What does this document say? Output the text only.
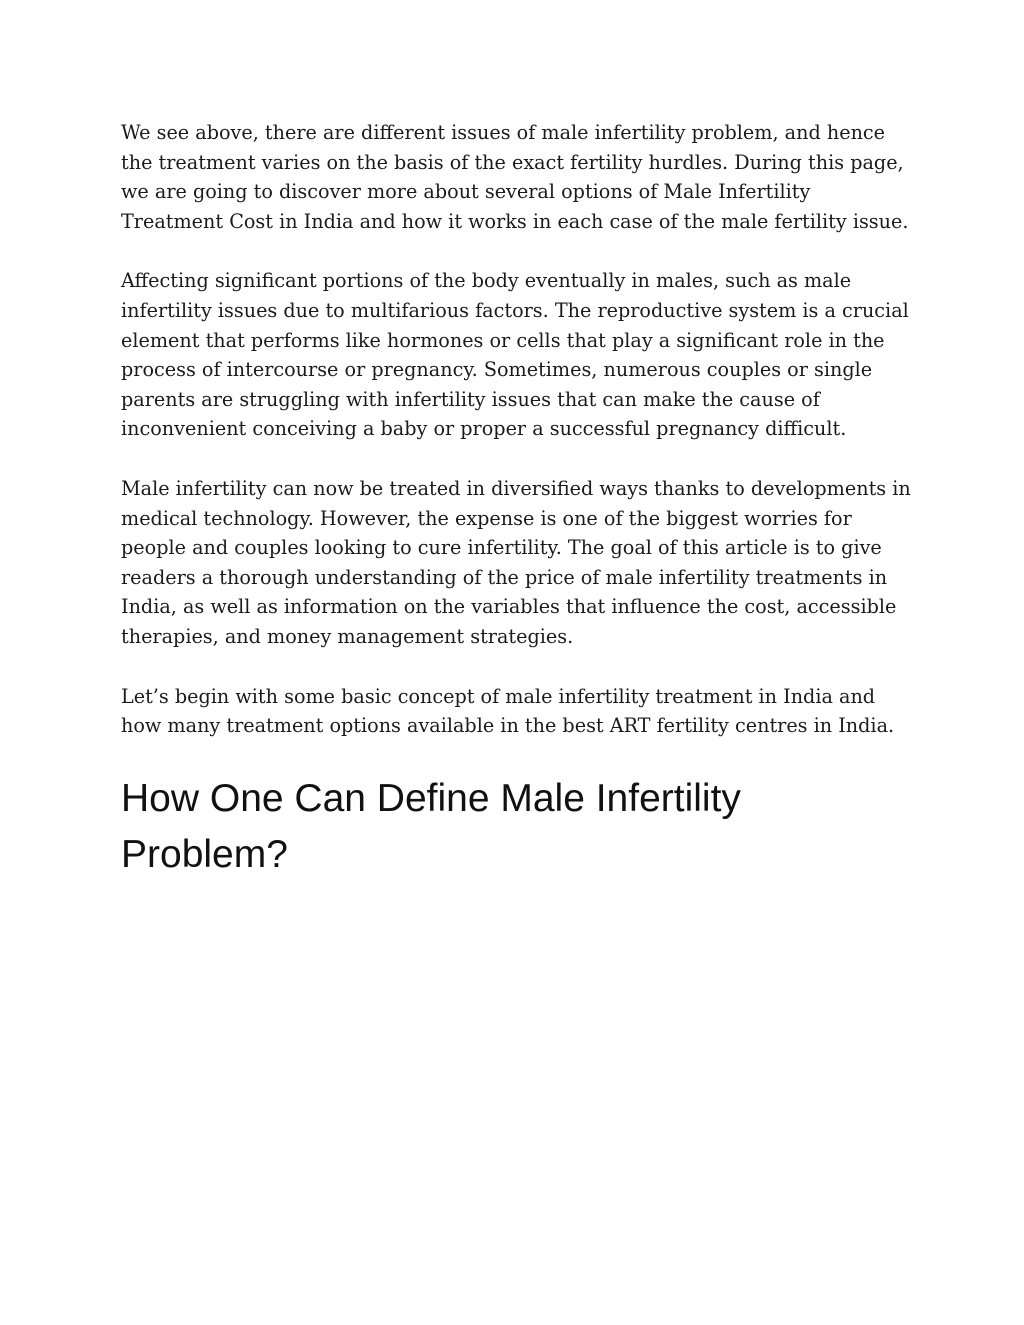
We see above, there are different issues of male infertility problem, and hence the treatment varies on the basis of the exact fertility hurdles. During this page, we are going to discover more about several options of Male Infertility Treatment Cost in India and how it works in each case of the male fertility issue.

Affecting significant portions of the body eventually in males, such as male infertility issues due to multifarious factors. The reproductive system is a crucial element that performs like hormones or cells that play a significant role in the process of intercourse or pregnancy. Sometimes, numerous couples or single parents are struggling with infertility issues that can make the cause of inconvenient conceiving a baby or proper a successful pregnancy difficult.

Male infertility can now be treated in diversified ways thanks to developments in medical technology. However, the expense is one of the biggest worries for people and couples looking to cure infertility. The goal of this article is to give readers a thorough understanding of the price of male infertility treatments in India, as well as information on the variables that influence the cost, accessible therapies, and money management strategies.

Let’s begin with some basic concept of male infertility treatment in India and how many treatment options available in the best ART fertility centres in India.

How One Can Define Male Infertility Problem?
